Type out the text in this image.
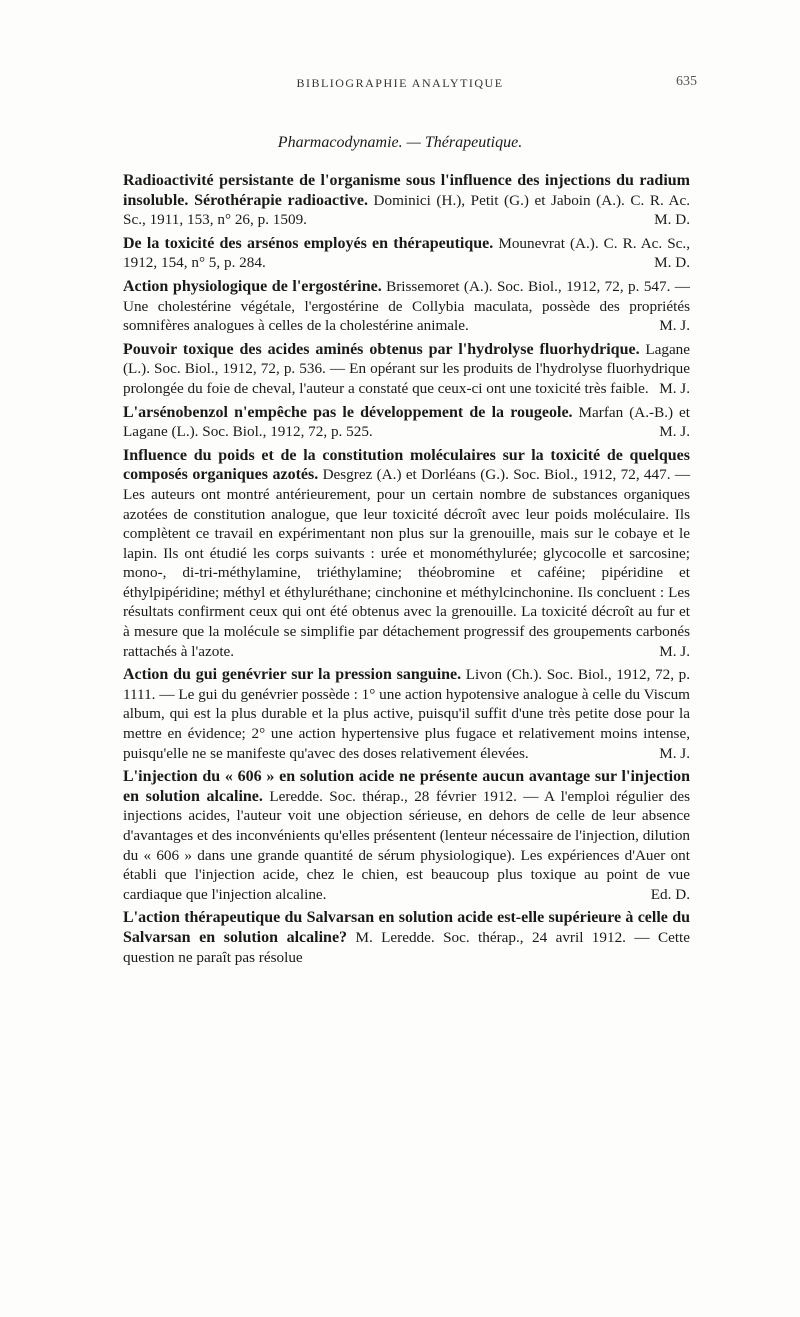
BIBLIOGRAPHIE ANALYTIQUE	635
Pharmacodynamie. — Thérapeutique.
Radioactivité persistante de l'organisme sous l'influence des injections du radium insoluble. Sérothérapie radioactive. Dominici (H.), Petit (G.) et Jaboin (A.). C. R. Ac. Sc., 1911, 153, n° 26, p. 1509.	M. D.
De la toxicité des arsénos employés en thérapeutique. Mounevrat (A.). C. R. Ac. Sc., 1912, 154, n° 5, p. 284.	M. D.
Action physiologique de l'ergostérine. Brissemoret (A.). Soc. Biol., 1912, 72, p. 547. — Une cholestérine végétale, l'ergostérine de Collybia maculata, possède des propriétés somnifères analogues à celles de la cholestérine animale.	M. J.
Pouvoir toxique des acides aminés obtenus par l'hydrolyse fluorhydrique. Lagane (L.). Soc. Biol., 1912, 72, p. 536. — En opérant sur les produits de l'hydrolyse fluorhydrique prolongée du foie de cheval, l'auteur a constaté que ceux-ci ont une toxicité très faible. M. J.
L'arsénobenzol n'empêche pas le développement de la rougeole. Marfan (A.-B.) et Lagane (L.). Soc. Biol., 1912, 72, p. 525.	M. J.
Influence du poids et de la constitution moléculaires sur la toxicité de quelques composés organiques azotés. Desgrez (A.) et Dorléans (G.). Soc. Biol., 1912, 72, 447. — Les auteurs ont montré antérieurement, pour un certain nombre de substances organiques azotées de constitution analogue, que leur toxicité décroît avec leur poids moléculaire. Ils complètent ce travail en expérimentant non plus sur la grenouille, mais sur le cobaye et le lapin. Ils ont étudié les corps suivants : urée et monométhylurée; glycocolle et sarcosine; mono-, di-tri-méthylamine, triéthylamine; théobromine et caféine; pipéridine et éthylpipéridine; méthyl et éthyluréthane; cinchonine et méthylcinchonine. Ils concluent : Les résultats confirment ceux qui ont été obtenus avec la grenouille. La toxicité décroît au fur et à mesure que la molécule se simplifie par détachement progressif des groupements carbonés rattachés à l'azote.	M. J.
Action du gui genévrier sur la pression sanguine. Livon (Ch.). Soc. Biol., 1912, 72, p. 1111. — Le gui du genévrier possède : 1° une action hypotensive analogue à celle du Viscum album, qui est la plus durable et la plus active, puisqu'il suffit d'une très petite dose pour la mettre en évidence; 2° une action hypertensive plus fugace et relativement moins intense, puisqu'elle ne se manifeste qu'avec des doses relativement élevées.	M. J.
L'injection du « 606 » en solution acide ne présente aucun avantage sur l'injection en solution alcaline. Leredde. Soc. thérap., 28 février 1912. — A l'emploi régulier des injections acides, l'auteur voit une objection sérieuse, en dehors de celle de leur absence d'avantages et des inconvénients qu'elles présentent (lenteur nécessaire de l'injection, dilution du « 606 » dans une grande quantité de sérum physiologique). Les expériences d'Auer ont établi que l'injection acide, chez le chien, est beaucoup plus toxique au point de vue cardiaque que l'injection alcaline.	Ed. D.
L'action thérapeutique du Salvarsan en solution acide est-elle supérieure à celle du Salvarsan en solution alcaline? M. Leredde. Soc. thérap., 24 avril 1912. — Cette question ne paraît pas résolue
